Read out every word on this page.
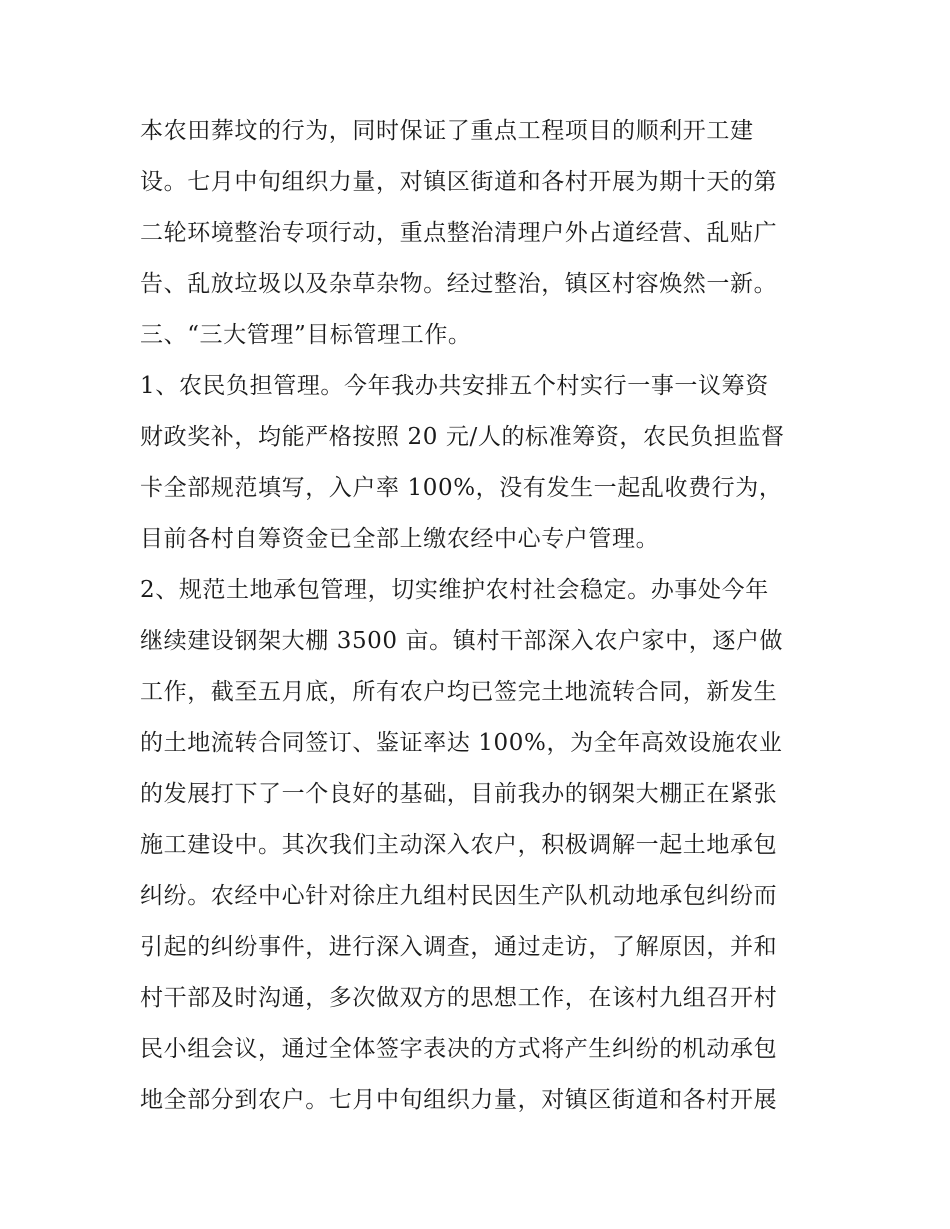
本农田葬坟的行为，同时保证了重点工程项目的顺利开工建
设。七月中旬组织力量，对镇区街道和各村开展为期十天的第
二轮环境整治专项行动，重点整治清理户外占道经营、乱贴广
告、乱放垃圾以及杂草杂物。经过整治，镇区村容焕然一新。
三、“三大管理”目标管理工作。
1、农民负担管理。今年我办共安排五个村实行一事一议筹资
财政奖补，均能严格按照 20 元/人的标准筹资，农民负担监督
卡全部规范填写，入户率 100%，没有发生一起乱收费行为，
目前各村自筹资金已全部上缴农经中心专户管理。
2、规范土地承包管理，切实维护农村社会稳定。办事处今年
继续建设钢架大棚 3500 亩。镇村干部深入农户家中，逐户做
工作，截至五月底，所有农户均已签完土地流转合同，新发生
的土地流转合同签订、鉴证率达 100%，为全年高效设施农业
的发展打下了一个良好的基础，目前我办的钢架大棚正在紧张
施工建设中。其次我们主动深入农户，积极调解一起土地承包
纠纷。农经中心针对徐庄九组村民因生产队机动地承包纠纷而
引起的纠纷事件，进行深入调查，通过走访，了解原因，并和
村干部及时沟通，多次做双方的思想工作，在该村九组召开村
民小组会议，通过全体签字表决的方式将产生纠纷的机动承包
地全部分到农户。七月中旬组织力量，对镇区街道和各村开展
